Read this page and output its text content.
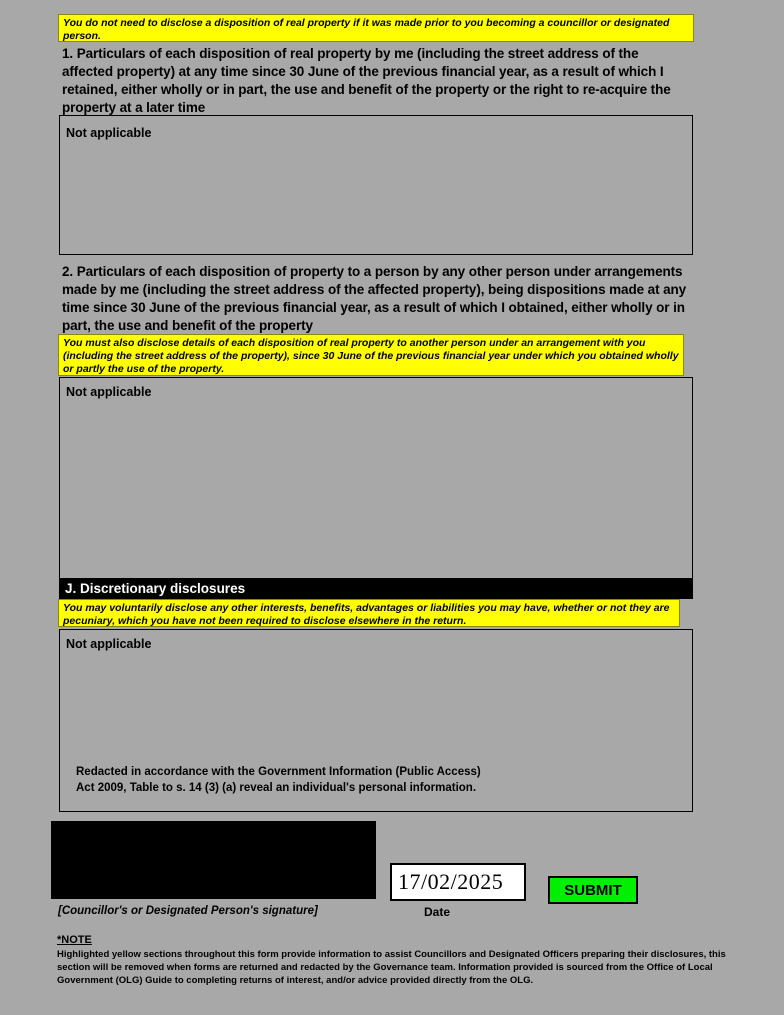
You do not need to disclose a disposition of real property if it was made prior to you becoming a councillor or designated person.
1. Particulars of each disposition of real property by me (including the street address of the affected property) at any time since 30 June of the previous financial year, as a result of which I retained, either wholly or in part, the use and benefit of the property or the right to re-acquire the property at a later time
Not applicable
2. Particulars of each disposition of property to a person by any other person under arrangements made by me (including the street address of the affected property), being dispositions made at any time since 30 June of the previous financial year, as a result of which I obtained, either wholly or in part, the use and benefit of the property
You must also disclose details of each disposition of real property to another person under an arrangement with you (including the street address of the property), since 30 June of the previous financial year under which you obtained wholly or partly the use of the property.
Not applicable
J. Discretionary disclosures
You may voluntarily disclose any other interests, benefits, advantages or liabilities you may have, whether or not they are pecuniary, which you have not been required to disclose elsewhere in the return.
Not applicable
Redacted in accordance with the Government Information (Public Access)
Act 2009, Table to s. 14 (3) (a) reveal an individual's personal information.
17/02/2025	SUBMIT
[Councillor's or Designated Person's signature]	Date
*NOTE
Highlighted yellow sections throughout this form provide information to assist Councillors and Designated Officers preparing their disclosures, this section will be removed when forms are returned and redacted by the Governance team. Information provided is sourced from the Office of Local Government (OLG) Guide to completing returns of interest, and/or advice provided directly from the OLG.
